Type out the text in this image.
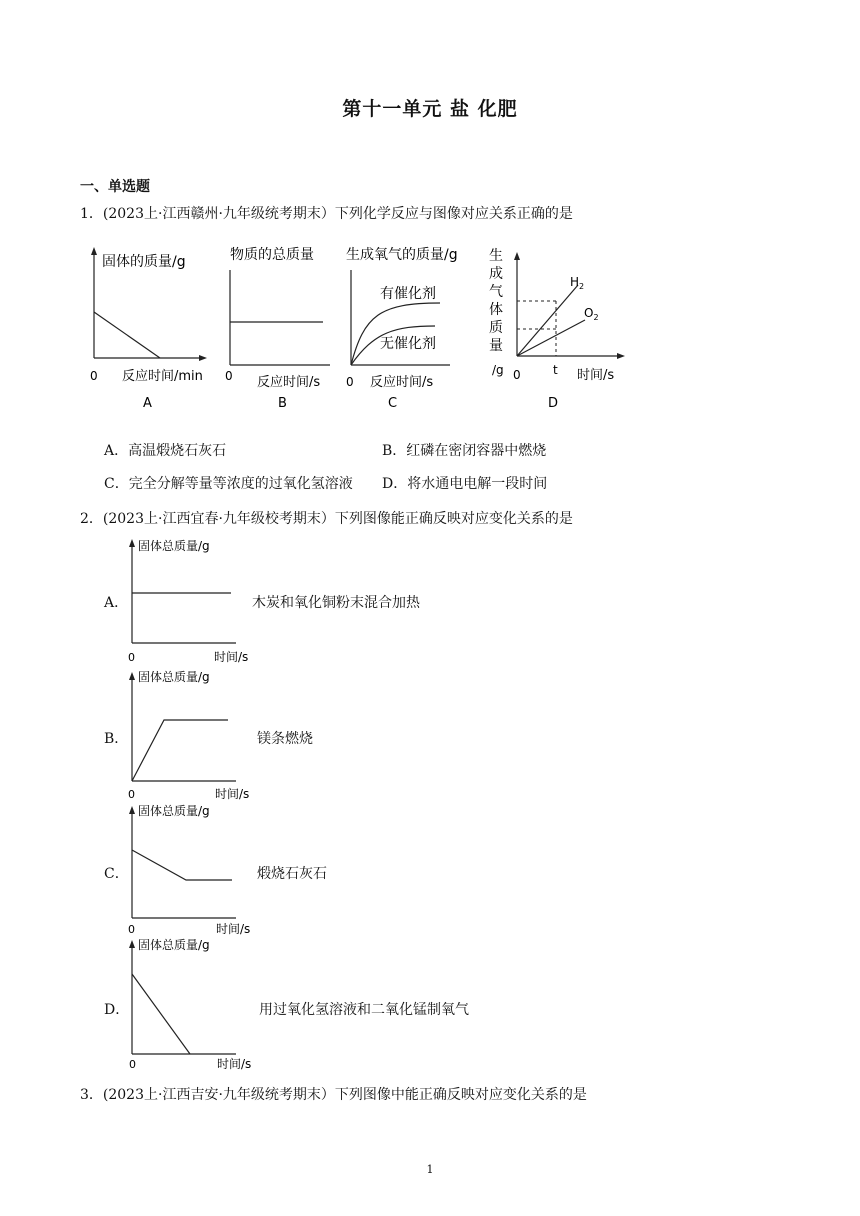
第十一单元 盐 化肥
一、单选题
1．(2023上·江西赣州·九年级统考期末）下列化学反应与图像对应关系正确的是
固体的质量/g
0 反应时间/min
A
物质的总质量
0 反应时间/s
B
生成氧气的质量/g
有催化剂
无催化剂
0 反应时间/s
C
生
成
气
体
质
量
/g 0	t 时间/s
$H_2$
$O_2$
D
A．高温煅烧石灰石	B．红磷在密闭容器中燃烧
C．完全分解等量等浓度的过氧化氢溶液 D．将水通电电解一段时间
2．(2023上·江西宜春·九年级校考期末）下列图像能正确反映对应变化关系的是
A．
固体总质量/g
0	时间/s
木炭和氧化铜粉末混合加热
B．
固体总质量/g
0	时间/s
镁条燃烧
C．
固体总质量/g
0	时间/s
煅烧石灰石
D．
固体总质量/g
0	时间/s
用过氧化氢溶液和二氧化锰制氧气
3．(2023上·江西吉安·九年级统考期末）下列图像中能正确反映对应变化关系的是
1
